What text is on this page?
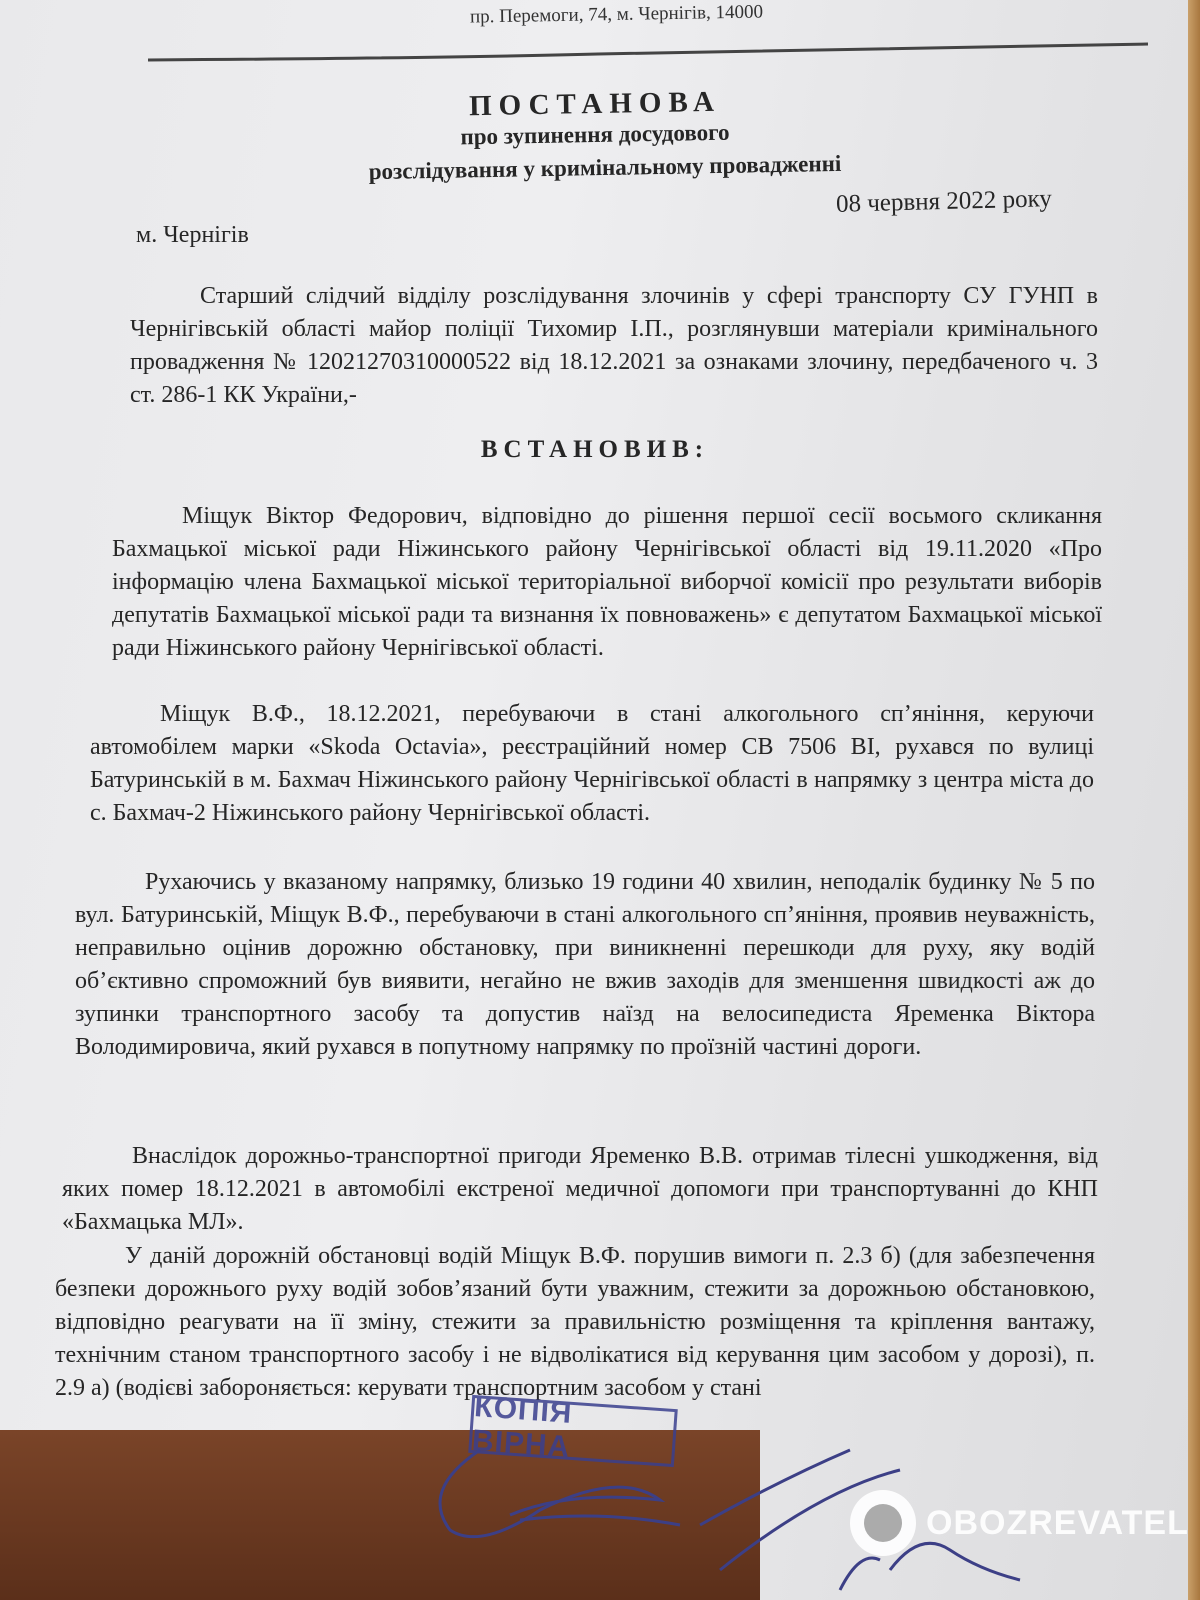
пр. Перемоги, 74, м. Чернігів, 14000
ПОСТАНОВА
про зупинення досудового
розслідування у кримінальному провадженні
08 червня 2022 року
м. Чернігів

Старший слідчий відділу розслідування злочинів у сфері транспорту СУ ГУНП в Чернігівській області майор поліції Тихомир І.П., розглянувши матеріали кримінального провадження № 12021270310000522 від 18.12.2021 за ознаками злочину, передбаченого ч. 3 ст. 286-1 КК України,-

ВСТАНОВИВ:

Міщук Віктор Федорович, відповідно до рішення першої сесії восьмого скликання Бахмацької міської ради Ніжинського району Чернігівської області від 19.11.2020 «Про інформацію члена Бахмацької міської територіальної виборчої комісії про результати виборів депутатів Бахмацької міської ради та визнання їх повноважень» є депутатом Бахмацької міської ради Ніжинського району Чернігівської області.

Міщук В.Ф., 18.12.2021, перебуваючи в стані алкогольного сп’яніння, керуючи автомобілем марки «Skoda Octavia», реєстраційний номер СВ 7506 ВІ, рухався по вулиці Батуринській в м. Бахмач Ніжинського району Чернігівської області в напрямку з центра міста до с. Бахмач-2 Ніжинського району Чернігівської області.

Рухаючись у вказаному напрямку, близько 19 години 40 хвилин, неподалік будинку № 5 по вул. Батуринській, Міщук В.Ф., перебуваючи в стані алкогольного сп’яніння, проявив неуважність, неправильно оцінив дорожню обстановку, при виникненні перешкоди для руху, яку водій об’єктивно спроможний був виявити, негайно не вжив заходів для зменшення швидкості аж до зупинки транспортного засобу та допустив наїзд на велосипедиста Яременка Віктора Володимировича, який рухався в попутному напрямку по проїзній частині дороги.

Внаслідок дорожньо-транспортної пригоди Яременко В.В. отримав тілесні ушкодження, від яких помер 18.12.2021 в автомобілі екстреної медичної допомоги при транспортуванні до КНП «Бахмацька МЛ».

У даній дорожній обстановці водій Міщук В.Ф. порушив вимоги п. 2.3 б) (для забезпечення безпеки дорожнього руху водій зобов’язаний бути уважним, стежити за дорожньою обстановкою, відповідно реагувати на її зміну, стежити за правильністю розміщення та кріплення вантажу, технічним станом транспортного засобу і не відволікатися від керування цим засобом у дорозі), п. 2.9 а) (водієві забороняється: керувати транспортним засобом у стані

КОПІЯ ВІРНА
OBOZREVATEL
